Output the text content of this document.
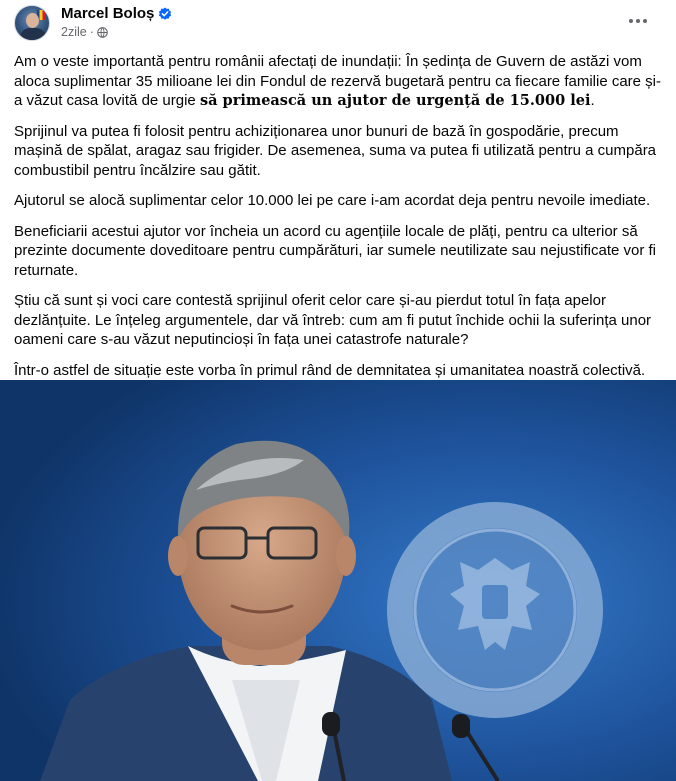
Marcel Boloș
2zile ·

Am o veste importantă pentru românii afectați de inundații: În ședința de Guvern de astăzi vom aloca suplimentar 35 milioane lei din Fondul de rezervă bugetară pentru ca fiecare familie care și-a văzut casa lovită de urgie să primească un ajutor de urgență de 15.000 lei.

Sprijinul va putea fi folosit pentru achiziționarea unor bunuri de bază în gospodărie, precum mașină de spălat, aragaz sau frigider. De asemenea, suma va putea fi utilizată pentru a cumpăra combustibil pentru încălzire sau gătit.

Ajutorul se alocă suplimentar celor 10.000 lei pe care i-am acordat deja pentru nevoile imediate.

Beneficiarii acestui ajutor vor încheia un acord cu agențiile locale de plăți, pentru ca ulterior să prezinte documente doveditoare pentru cumpărături, iar sumele neutilizate sau nejustificate vor fi returnate.

Știu că sunt și voci care contestă sprijinul oferit celor care și-au pierdut totul în fața apelor dezlănțuite. Le înțeleg argumentele, dar vă întreb: cum am fi putut închide ochii la suferința unor oameni care s-au văzut neputincioși în fața unei catastrofe naturale?

Într-o astfel de situație este vorba în primul rând de demnitatea și umanitatea noastră colectivă.
